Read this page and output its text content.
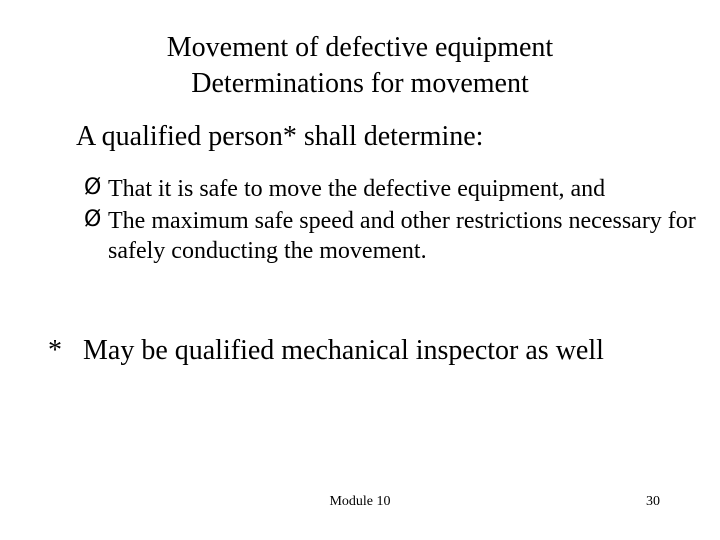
Movement of defective equipment
Determinations for movement
A qualified person* shall determine:
Ø That it is safe to move the defective equipment, and
Ø The maximum safe speed and other restrictions necessary for safely conducting the movement.
* May be qualified mechanical inspector as well
Module 10	30
